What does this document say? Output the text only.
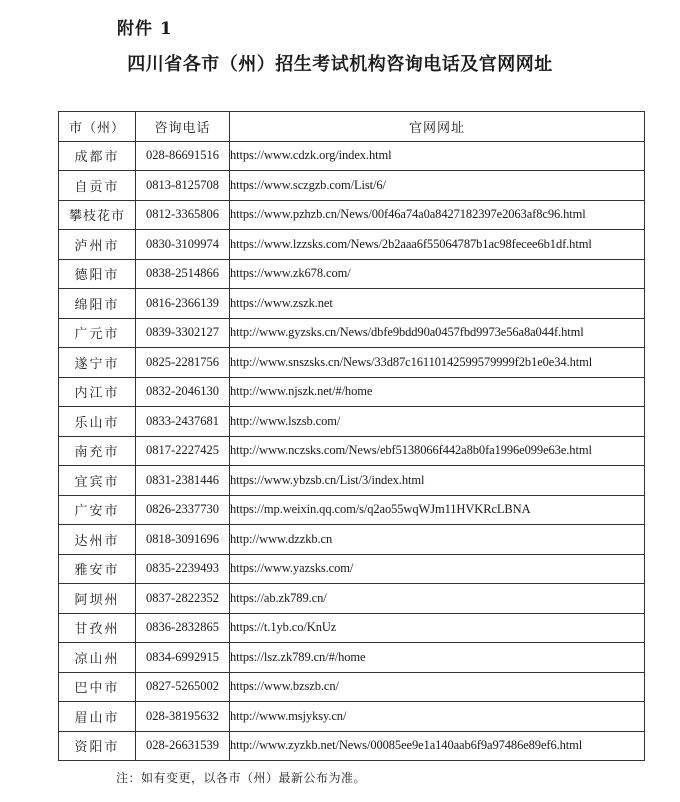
附件 1
四川省各市（州）招生考试机构咨询电话及官网网址
市（州）	咨询电话	官网网址
成都市	028-86691516	https://www.cdzk.org/index.html
自贡市	0813-8125708	https://www.sczgzb.com/List/6/
攀枝花市	0812-3365806	https://www.pzhzb.cn/News/00f46a74a0a8427182397e2063af8c96.html
泸州市	0830-3109974	https://www.lzzsks.com/News/2b2aaa6f55064787b1ac98fecee6b1df.html
德阳市	0838-2514866	https://www.zk678.com/
绵阳市	0816-2366139	https://www.zszk.net
广元市	0839-3302127	http://www.gyzsks.cn/News/dbfe9bdd90a0457fbd9973e56a8a044f.html
遂宁市	0825-2281756	http://www.snszsks.cn/News/33d87c16110142599579999f2b1e0e34.html
内江市	0832-2046130	http://www.njszk.net/#/home
乐山市	0833-2437681	http://www.lszsb.com/
南充市	0817-2227425	http://www.nczsks.com/News/ebf5138066f442a8b0fa1996e099e63e.html
宜宾市	0831-2381446	https://www.ybzsb.cn/List/3/index.html
广安市	0826-2337730	https://mp.weixin.qq.com/s/q2ao55wqWJm11HVKRcLBNA
达州市	0818-3091696	http://www.dzzkb.cn
雅安市	0835-2239493	https://www.yazsks.com/
阿坝州	0837-2822352	https://ab.zk789.cn/
甘孜州	0836-2832865	https://t.1yb.co/KnUz
凉山州	0834-6992915	https://lsz.zk789.cn/#/home
巴中市	0827-5265002	https://www.bzszb.cn/
眉山市	028-38195632	http://www.msjyksy.cn/
资阳市	028-26631539	http://www.zyzkb.net/News/00085ee9e1a140aab6f9a97486e89ef6.html
注：如有变更，以各市（州）最新公布为准。
